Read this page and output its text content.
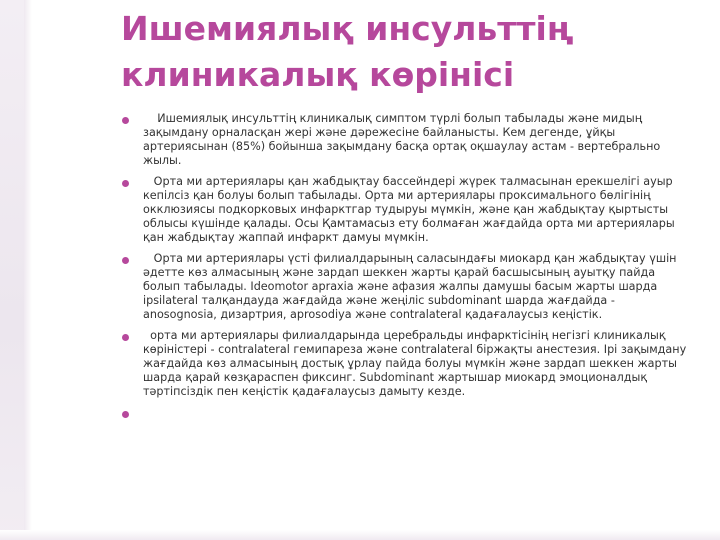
Ишемиялық инсульттің клиникалық көрінісі
Ишемиялық инсульттің клиникалық симптом түрлі болып табылады және мидың зақымдану орналасқан жері және дәрежесіне байланысты. Кем дегенде, ұйқы артериясынан (85%) бойынша зақымдану басқа ортақ оқшаулау астам - вертебрально жылы.
Орта ми артериялары қан жабдықтау бассейндері жүрек талмасынан ерекшелігі ауыр кепілсіз қан болуы болып табылады. Орта ми артериялары проксимального бөлігінің окклюзиясы подкорковых инфарктгар тудыруы мүмкін, және қан жабдықтау қыртысты облысы күшінде қалады. Осы Қамтамасыз ету болмаған жағдайда орта ми артериялары қан жабдықтау жаппай инфаркт дамуы мүмкін.
Орта ми артериялары үсті филиалдарының саласындағы миокард қан жабдықтау үшін әдетте көз алмасының және зардап шеккен жарты қарай басшысының ауытқу пайда болып табылады. Ideomotor apraxia және афазия жалпы дамушы басым жарты шарда ipsilateral талқандауда жағдайда және жеңіліс subdominant шарда жағдайда - anosognosia, дизартрия, aprosodiya және contralateral қадағалаусыз кеңістік.
орта ми артериялары филиалдарында церебральды инфарктісінің негізгі клиникалық көріністері - contralateral гемипареза және contralateral біржақты анестезия. Ірі зақымдану жағдайда көз алмасының достық ұрлау пайда болуы мүмкін және зардап шеккен жарты шарда қарай көзқараспен фиксинг. Subdominant жартышар миокард эмоционалдық тәртіпсіздік пен кеңістік қадағалаусыз дамыту кезде.
